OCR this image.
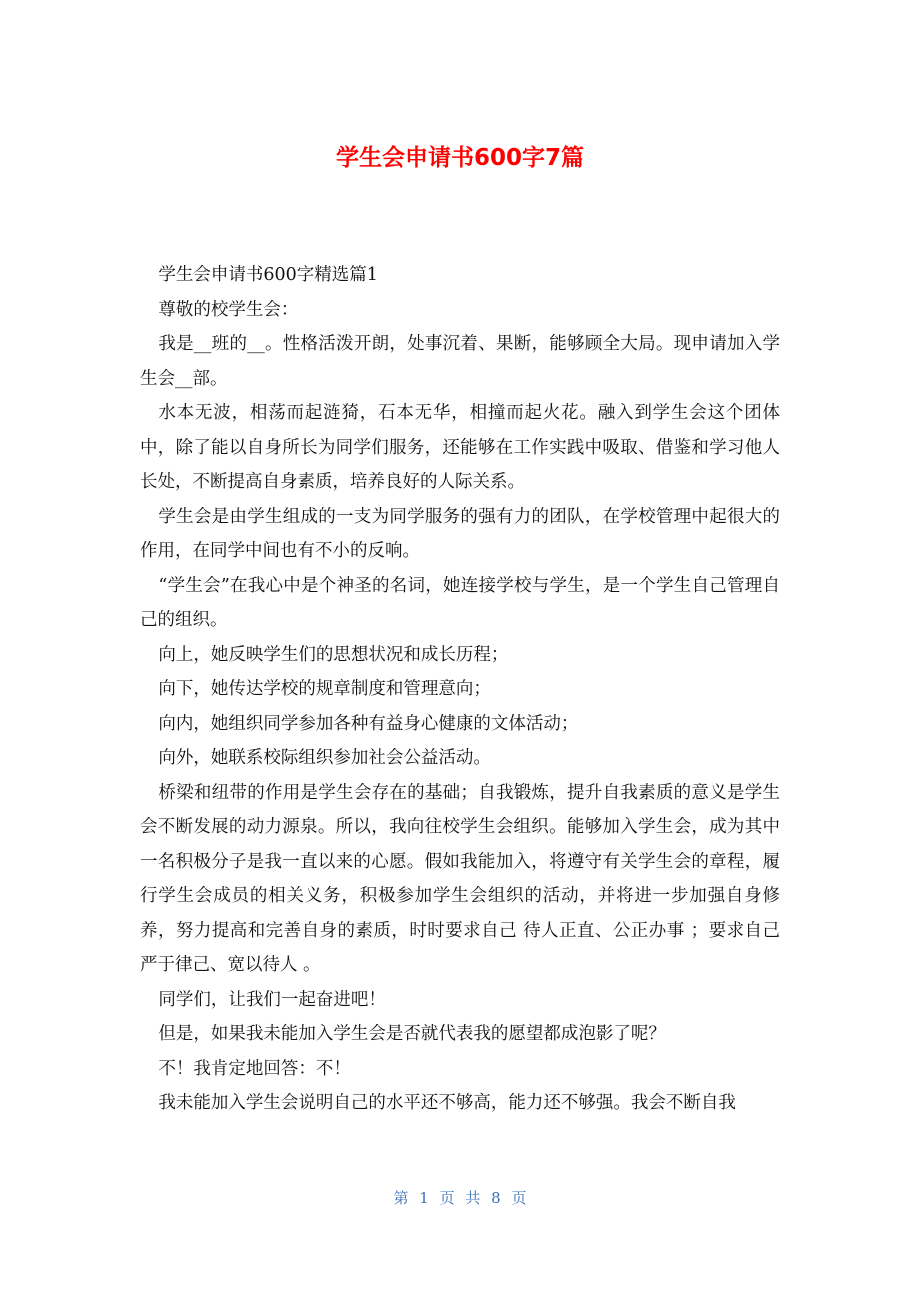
学生会申请书600字7篇

学生会申请书600字精选篇1

尊敬的校学生会：

我是__班的__。性格活泼开朗，处事沉着、果断，能够顾全大局。现申请加入学生会__部。

水本无波，相荡而起涟猗，石本无华，相撞而起火花。融入到学生会这个团体中，除了能以自身所长为同学们服务，还能够在工作实践中吸取、借鉴和学习他人长处，不断提高自身素质，培养良好的人际关系。

学生会是由学生组成的一支为同学服务的强有力的团队，在学校管理中起很大的作用，在同学中间也有不小的反响。

“学生会”在我心中是个神圣的名词，她连接学校与学生，是一个学生自己管理自己的组织。

向上，她反映学生们的思想状况和成长历程；

向下，她传达学校的规章制度和管理意向；

向内，她组织同学参加各种有益身心健康的文体活动；

向外，她联系校际组织参加社会公益活动。

桥梁和纽带的作用是学生会存在的基础；自我锻炼，提升自我素质的意义是学生会不断发展的动力源泉。所以，我向往校学生会组织。能够加入学生会，成为其中一名积极分子是我一直以来的心愿。假如我能加入，将遵守有关学生会的章程，履行学生会成员的相关义务，积极参加学生会组织的活动，并将进一步加强自身修养，努力提高和完善自身的素质，时时要求自己 待人正直、公正办事 ；要求自己 严于律己、宽以待人 。

同学们，让我们一起奋进吧！

但是，如果我未能加入学生会是否就代表我的愿望都成泡影了呢？

不！我肯定地回答：不！

我未能加入学生会说明自己的水平还不够高，能力还不够强。我会不断自我

第 1 页 共 8 页
